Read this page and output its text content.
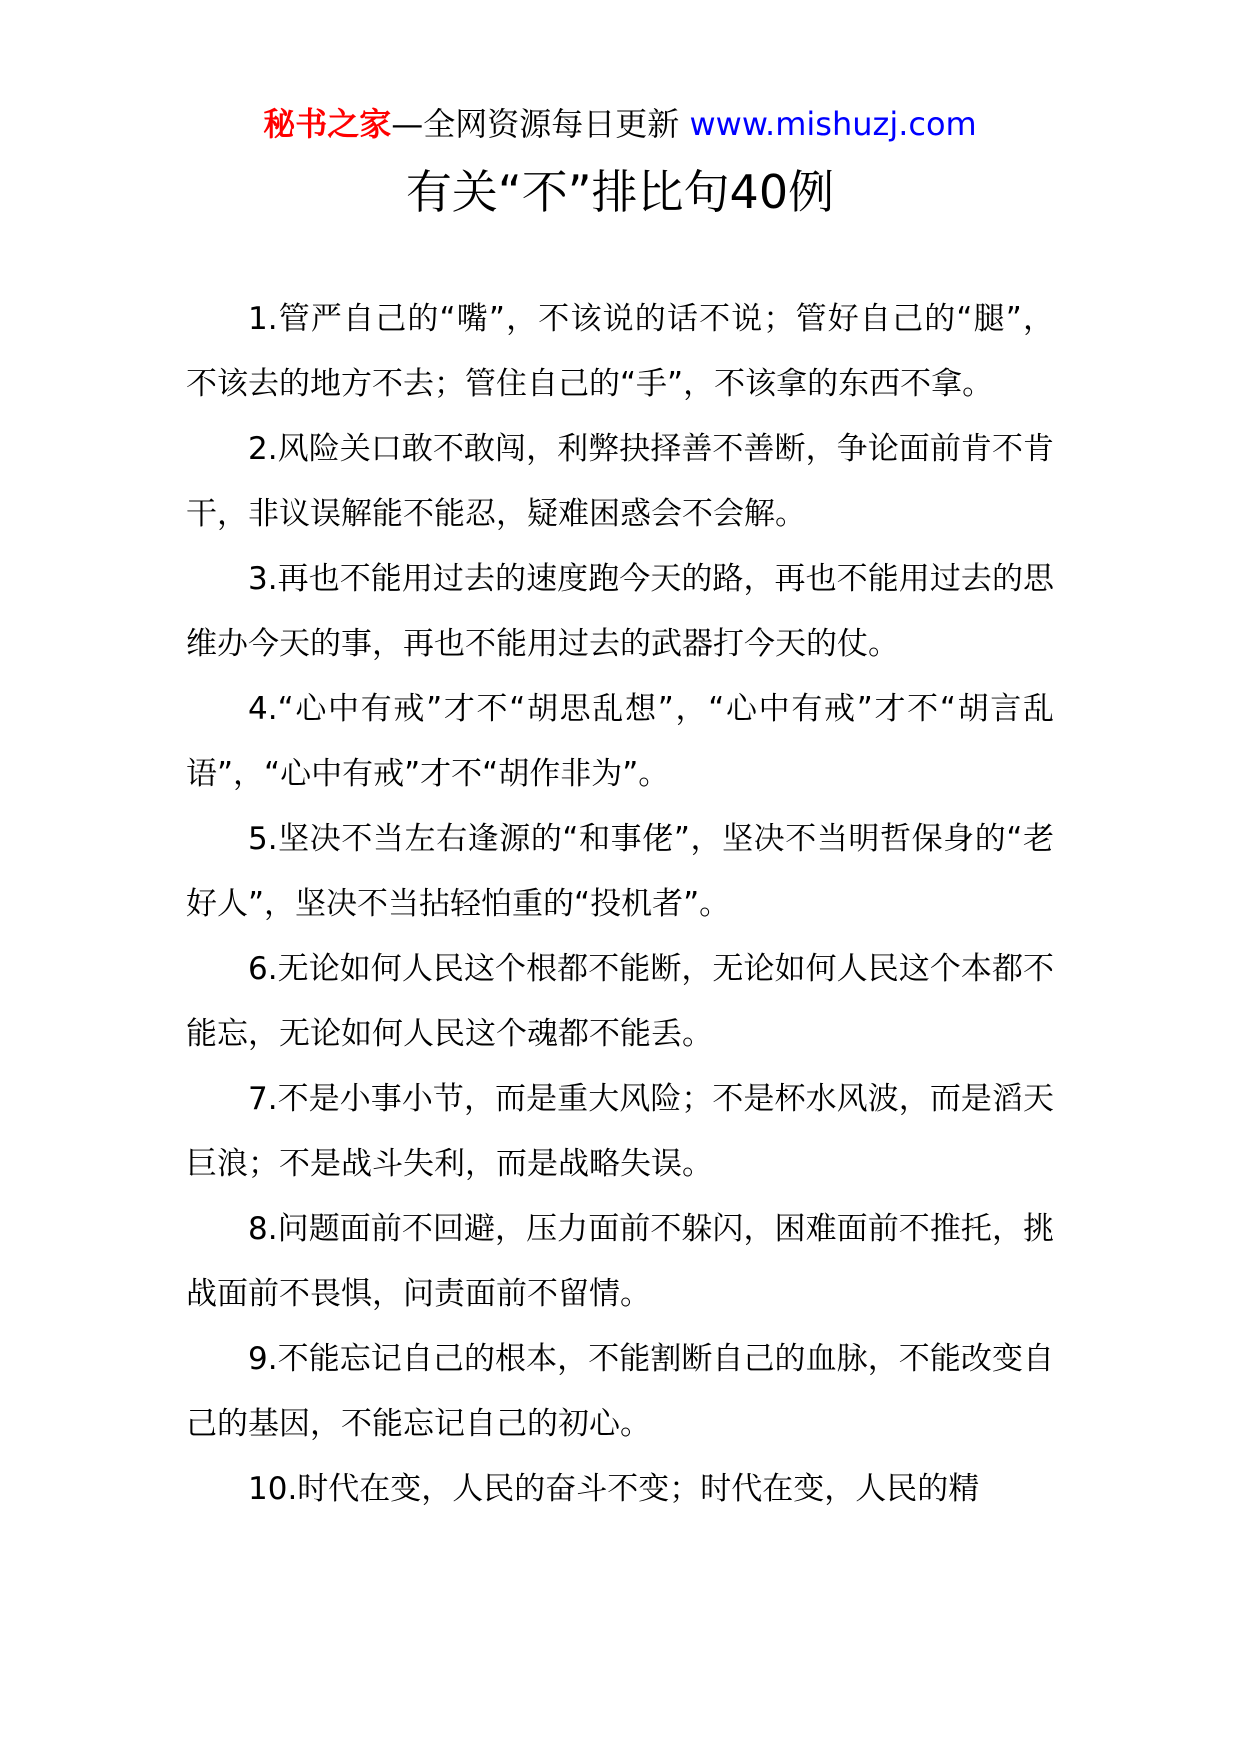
秘书之家—全网资源每日更新 www.mishuzj.com
有关“不”排比句40例

1.管严自己的“嘴”，不该说的话不说；管好自己的“腿”，不该去的地方不去；管住自己的“手”，不该拿的东西不拿。

2.风险关口敢不敢闯，利弊抉择善不善断，争论面前肯不肯干，非议误解能不能忍，疑难困惑会不会解。

3.再也不能用过去的速度跑今天的路，再也不能用过去的思维办今天的事，再也不能用过去的武器打今天的仗。

4.“心中有戒”才不“胡思乱想”，“心中有戒”才不“胡言乱语”，“心中有戒”才不“胡作非为”。

5.坚决不当左右逢源的“和事佬”，坚决不当明哲保身的“老好人”，坚决不当拈轻怕重的“投机者”。

6.无论如何人民这个根都不能断，无论如何人民这个本都不能忘，无论如何人民这个魂都不能丢。

7.不是小事小节，而是重大风险；不是杯水风波，而是滔天巨浪；不是战斗失利，而是战略失误。

8.问题面前不回避，压力面前不躲闪，困难面前不推托，挑战面前不畏惧，问责面前不留情。

9.不能忘记自己的根本，不能割断自己的血脉，不能改变自己的基因，不能忘记自己的初心。

10.时代在变，人民的奋斗不变；时代在变，人民的精
